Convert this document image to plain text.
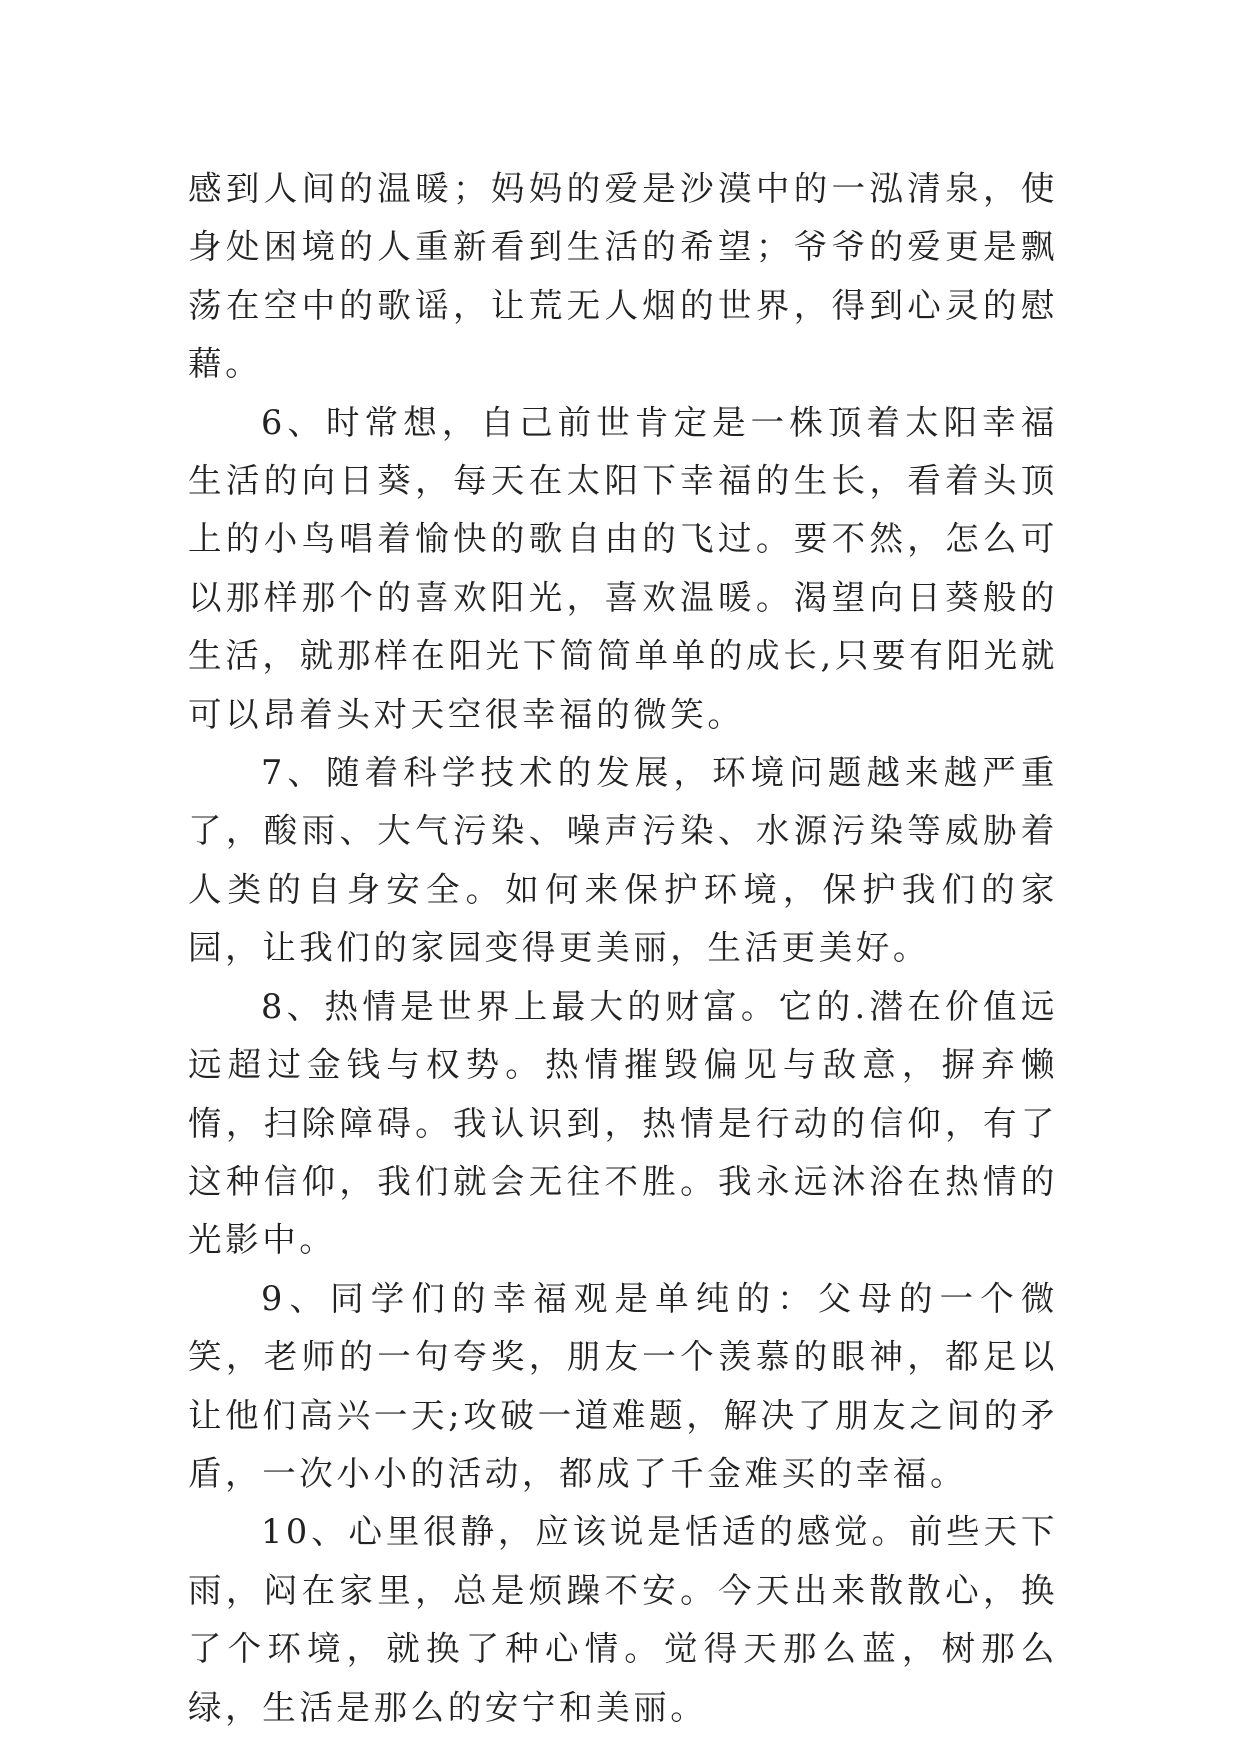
感到人间的温暖；妈妈的爱是沙漠中的一泓清泉，使身处困境的人重新看到生活的希望；爷爷的爱更是飘荡在空中的歌谣，让荒无人烟的世界，得到心灵的慰藉。

6、时常想，自己前世肯定是一株顶着太阳幸福生活的向日葵，每天在太阳下幸福的生长，看着头顶上的小鸟唱着愉快的歌自由的飞过。要不然，怎么可以那样那个的喜欢阳光，喜欢温暖。渴望向日葵般的生活，就那样在阳光下简简单单的成长,只要有阳光就可以昂着头对天空很幸福的微笑。

7、随着科学技术的发展，环境问题越来越严重了，酸雨、大气污染、噪声污染、水源污染等威胁着人类的自身安全。如何来保护环境，保护我们的家园，让我们的家园变得更美丽，生活更美好。

8、热情是世界上最大的财富。它的.潜在价值远远超过金钱与权势。热情摧毁偏见与敌意，摒弃懒惰，扫除障碍。我认识到，热情是行动的信仰，有了这种信仰，我们就会无往不胜。我永远沐浴在热情的光影中。

9、同学们的幸福观是单纯的：父母的一个微笑，老师的一句夸奖，朋友一个羡慕的眼神，都足以让他们高兴一天;攻破一道难题，解决了朋友之间的矛盾，一次小小的活动，都成了千金难买的幸福。

10、心里很静，应该说是恬适的感觉。前些天下雨，闷在家里，总是烦躁不安。今天出来散散心，换了个环境，就换了种心情。觉得天那么蓝，树那么绿，生活是那么的安宁和美丽。
